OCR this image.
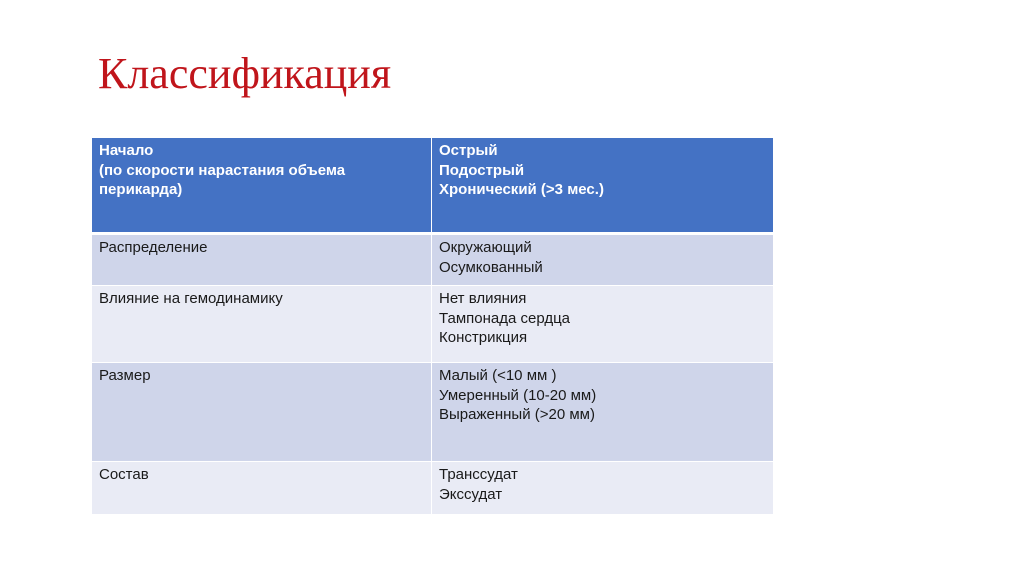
Классификация
Начало
(по скорости нарастания объема перикарда)	Острый
Подострый
Хронический (>3 мес.)
Распределение	Окружающий
Осумкованный
Влияние на гемодинамику	Нет влияния
Тампонада сердца
Констрикция
Размер	Малый (<10 мм )
Умеренный (10-20 мм)
Выраженный (>20 мм)
Состав	Транссудат
Экссудат
